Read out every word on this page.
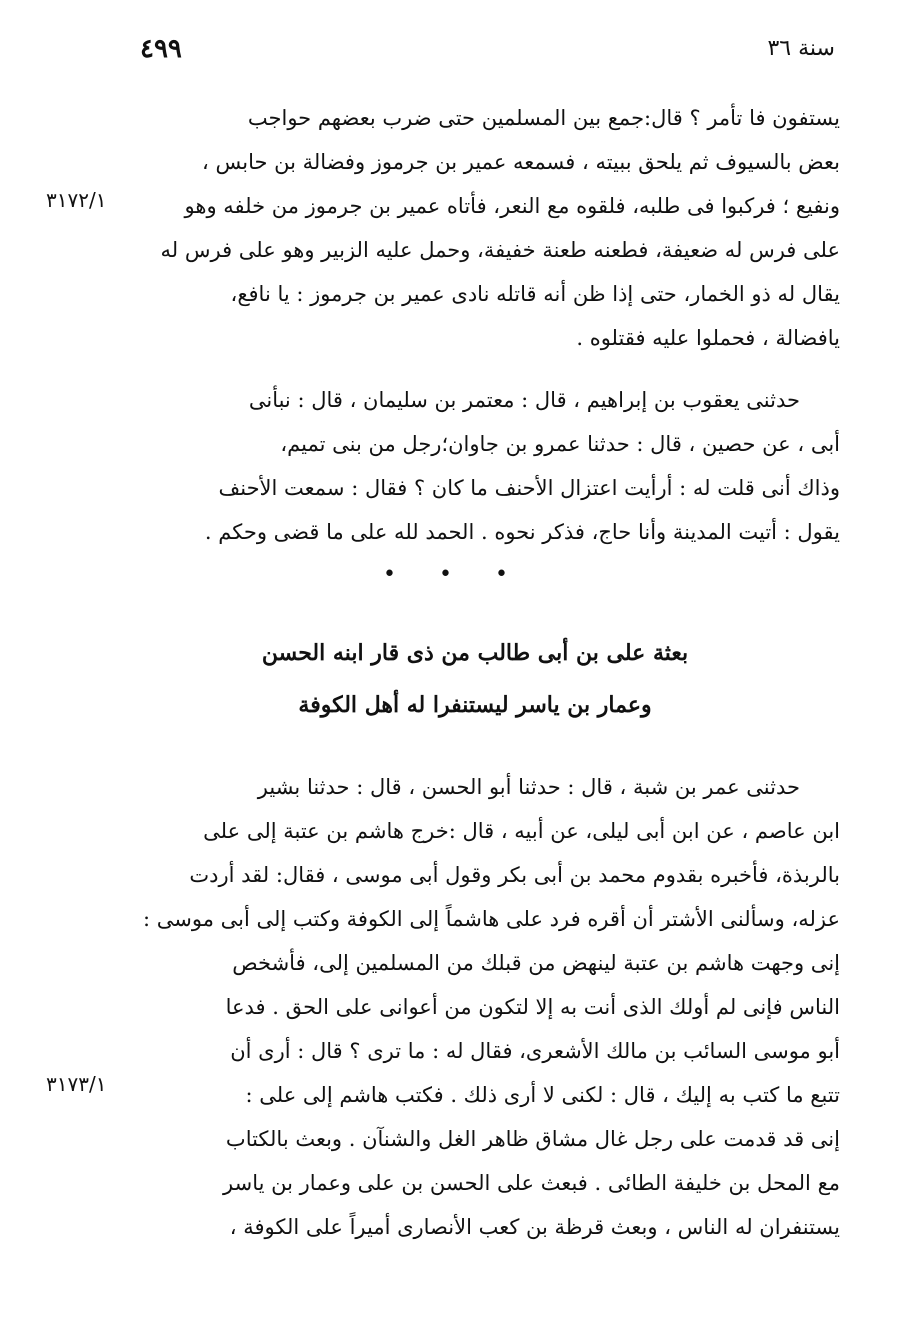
٤٩٩	سنة ٣٦
٣١٧٢/١
٣١٧٣/١
يستفون فا تأمر ؟ قال:جمع بين المسلمين حتى ضرب بعضهم حواجب
بعض بالسيوف ثم يلحق ببيته ، فسمعه عمير بن جرموز وفضالة بن حابس ،
ونفيع ؛ فركبوا فى طلبه، فلقوه مع النعر، فأتاه عمير بن جرموز من خلفه وهو
على فرس له ضعيفة، فطعنه طعنة خفيفة، وحمل عليه الزبير وهو على فرس له
يقال له ذو الخمار، حتى إذا ظن أنه قاتله نادى عمير بن جرموز : يا نافع،
يافضالة ، فحملوا عليه فقتلوه .
حدثنى يعقوب بن إبراهيم ، قال : معتمر بن سليمان ، قال : نبأنى
أبى ، عن حصين ، قال : حدثنا عمرو بن جاوان؛رجل من بنى تميم،
وذاك أنى قلت له : أرأيت اعتزال الأحنف ما كان ؟ فقال : سمعت الأحنف
يقول : أتيت المدينة وأنا حاج، فذكر نحوه . الحمد لله على ما قضى وحكم .
• • •
بعثة على بن أبى طالب من ذى قار ابنه الحسن
وعمار بن ياسر ليستنفرا له أهل الكوفة
حدثنى عمر بن شبة ، قال : حدثنا أبو الحسن ، قال : حدثنا بشير
ابن عاصم ، عن ابن أبى ليلى، عن أبيه ، قال :خرج هاشم بن عتبة إلى على
بالربذة، فأخبره بقدوم محمد بن أبى بكر وقول أبى موسى ، فقال: لقد أردت
عزله، وسألنى الأشتر أن أقره فرد على هاشماً إلى الكوفة وكتب إلى أبى موسى :
إنى وجهت هاشم بن عتبة لينهض من قبلك من المسلمين إلى، فأشخص
الناس فإنى لم أولك الذى أنت به إلا لتكون من أعوانى على الحق . فدعا
أبو موسى السائب بن مالك الأشعرى، فقال له : ما ترى ؟ قال : أرى أن
تتبع ما كتب به إليك ، قال : لكنى لا أرى ذلك . فكتب هاشم إلى على :
إنى قد قدمت على رجل غال مشاق ظاهر الغل والشنآن . وبعث بالكتاب
مع المحل بن خليفة الطائى . فبعث على الحسن بن على وعمار بن ياسر
يستنفران له الناس ، وبعث قرظة بن كعب الأنصارى أميراً على الكوفة ،
